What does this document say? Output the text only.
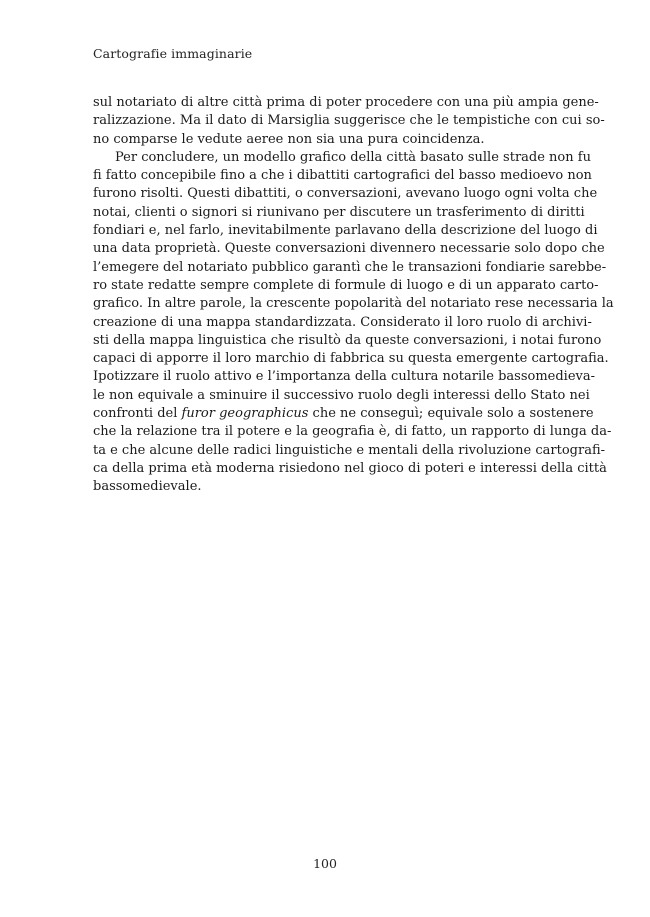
Cartografie immaginarie
sul notariato di altre città prima di poter procedere con una più ampia gene-
ralizzazione. Ma il dato di Marsiglia suggerisce che le tempistiche con cui so-
no comparse le vedute aeree non sia una pura coincidenza.
Per concludere, un modello grafico della città basato sulle strade non fu
fi fatto concepibile fino a che i dibattiti cartografici del basso medioevo non
furono risolti. Questi dibattiti, o conversazioni, avevano luogo ogni volta che
notai, clienti o signori si riunivano per discutere un trasferimento di diritti
fondiari e, nel farlo, inevitabilmente parlavano della descrizione del luogo di
una data proprietà. Queste conversazioni divennero necessarie solo dopo che
l’emegere del notariato pubblico garantì che le transazioni fondiarie sarebbe-
ro state redatte sempre complete di formule di luogo e di un apparato carto-
grafico. In altre parole, la crescente popolarità del notariato rese necessaria la
creazione di una mappa standardizzata. Considerato il loro ruolo di archivi-
sti della mappa linguistica che risultò da queste conversazioni, i notai furono
capaci di apporre il loro marchio di fabbrica su questa emergente cartografia.
Ipotizzare il ruolo attivo e l’importanza della cultura notarile bassomedieva-
le non equivale a sminuire il successivo ruolo degli interessi dello Stato nei
confronti del furor geographicus che ne conseguì; equivale solo a sostenere
che la relazione tra il potere e la geografia è, di fatto, un rapporto di lunga da-
ta e che alcune delle radici linguistiche e mentali della rivoluzione cartografi-
ca della prima età moderna risiedono nel gioco di poteri e interessi della città
bassomedievale.
100
